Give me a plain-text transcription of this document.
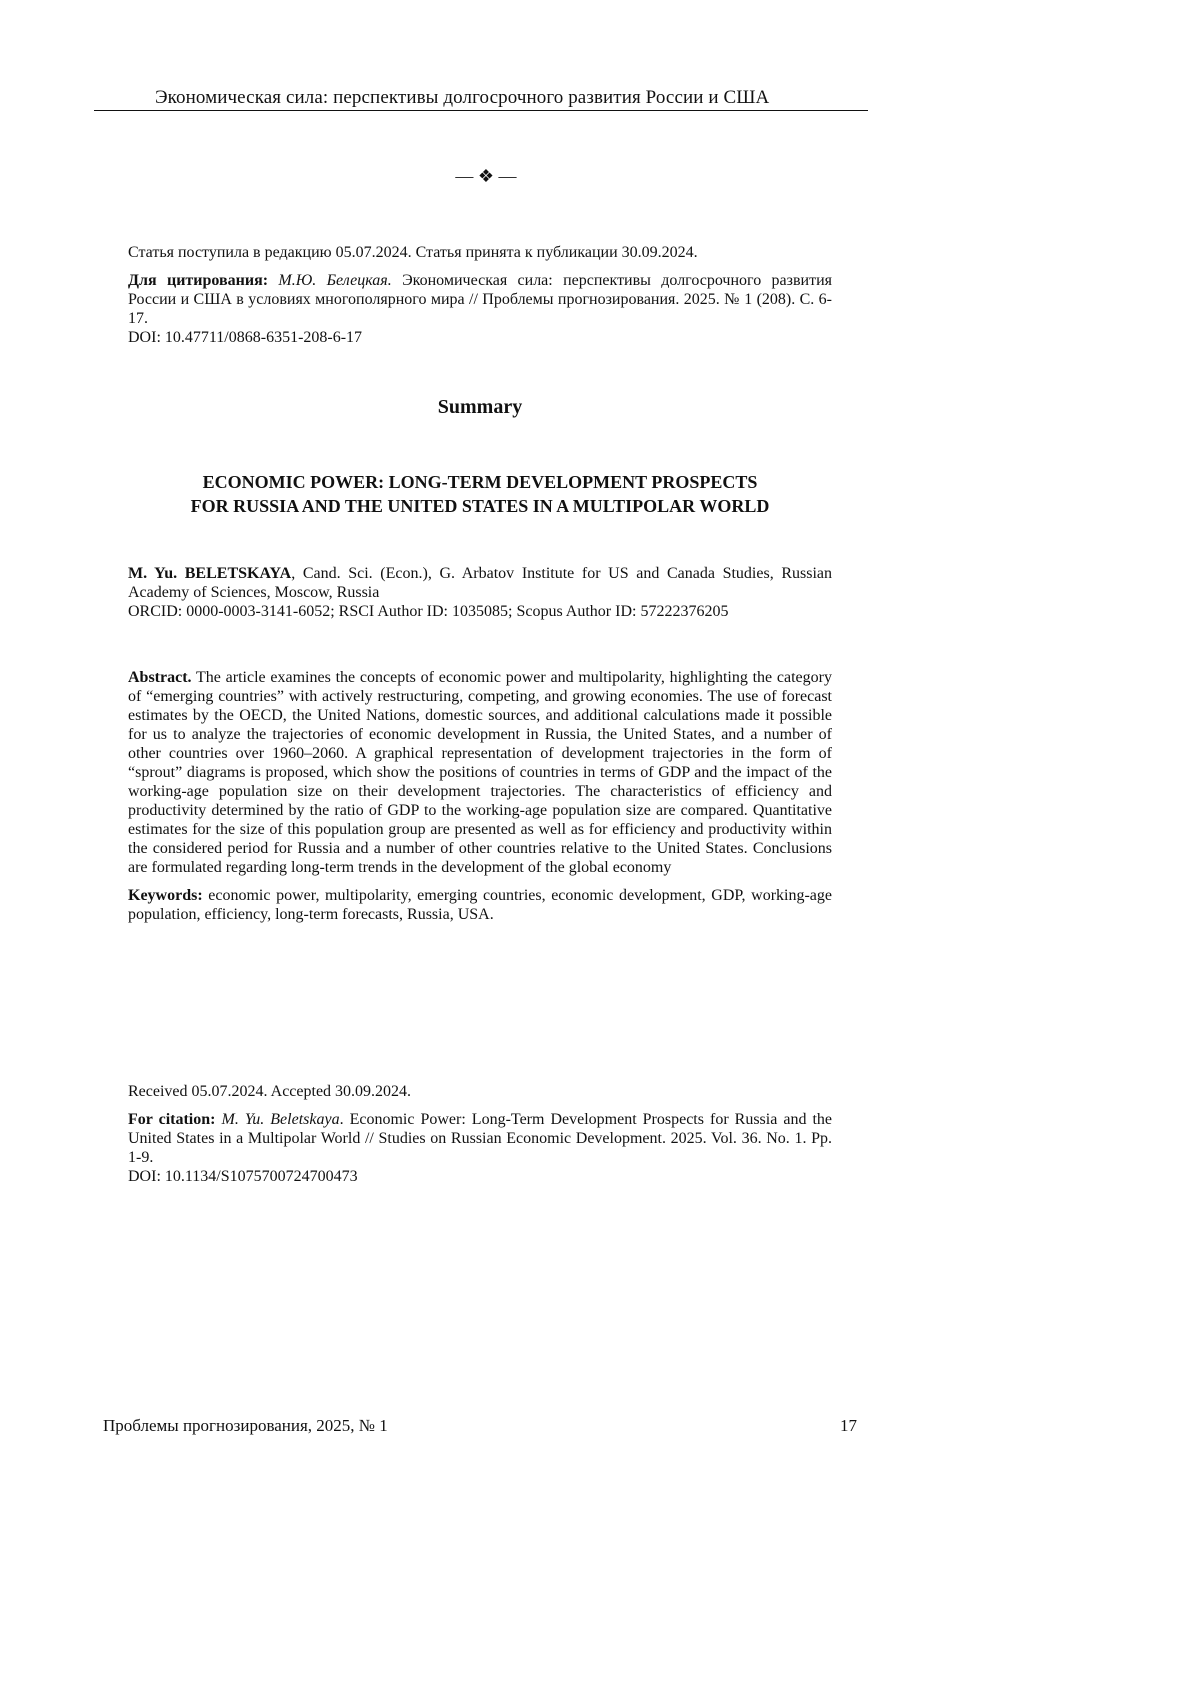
Экономическая сила: перспективы долгосрочного развития России и США
— ❖ —

Статья поступила в редакцию 05.07.2024. Статья принята к публикации 30.09.2024.

Для цитирования: М.Ю. Белецкая. Экономическая сила: перспективы долгосрочного развития России и США в условиях многополярного мира // Проблемы прогнозирования. 2025. № 1 (208). С. 6-17.

DOI: 10.47711/0868-6351-208-6-17

Summary
ECONOMIC POWER: LONG-TERM DEVELOPMENT PROSPECTS
FOR RUSSIA AND THE UNITED STATES IN A MULTIPOLAR WORLD

M. Yu. BELETSKAYA, Cand. Sci. (Econ.), G. Arbatov Institute for US and Canada Studies, Russian Academy of Sciences, Moscow, Russia

ORCID: 0000-0003-3141-6052; RSCI Author ID: 1035085; Scopus Author ID: 57222376205

Abstract. The article examines the concepts of economic power and multipolarity, highlighting the category of “emerging countries” with actively restructuring, competing, and growing economies. The use of forecast estimates by the OECD, the United Nations, domestic sources, and additional calculations made it possible for us to analyze the trajectories of economic development in Russia, the United States, and a number of other countries over 1960–2060. A graphical representation of development trajectories in the form of “sprout” diagrams is proposed, which show the positions of countries in terms of GDP and the impact of the working-age population size on their development trajectories. The characteristics of efficiency and productivity determined by the ratio of GDP to the working-age population size are compared. Quantitative estimates for the size of this population group are presented as well as for efficiency and productivity within the considered period for Russia and a number of other countries relative to the United States. Conclusions are formulated regarding long-term trends in the development of the global economy

Keywords: economic power, multipolarity, emerging countries, economic development, GDP, working-age population, efficiency, long-term forecasts, Russia, USA.

Received 05.07.2024. Accepted 30.09.2024.

For citation: M. Yu. Beletskaya. Economic Power: Long-Term Development Prospects for Russia and the United States in a Multipolar World // Studies on Russian Economic Development. 2025. Vol. 36. No. 1. Pp. 1-9.

DOI: 10.1134/S1075700724700473

Проблемы прогнозирования, 2025, № 1	17
